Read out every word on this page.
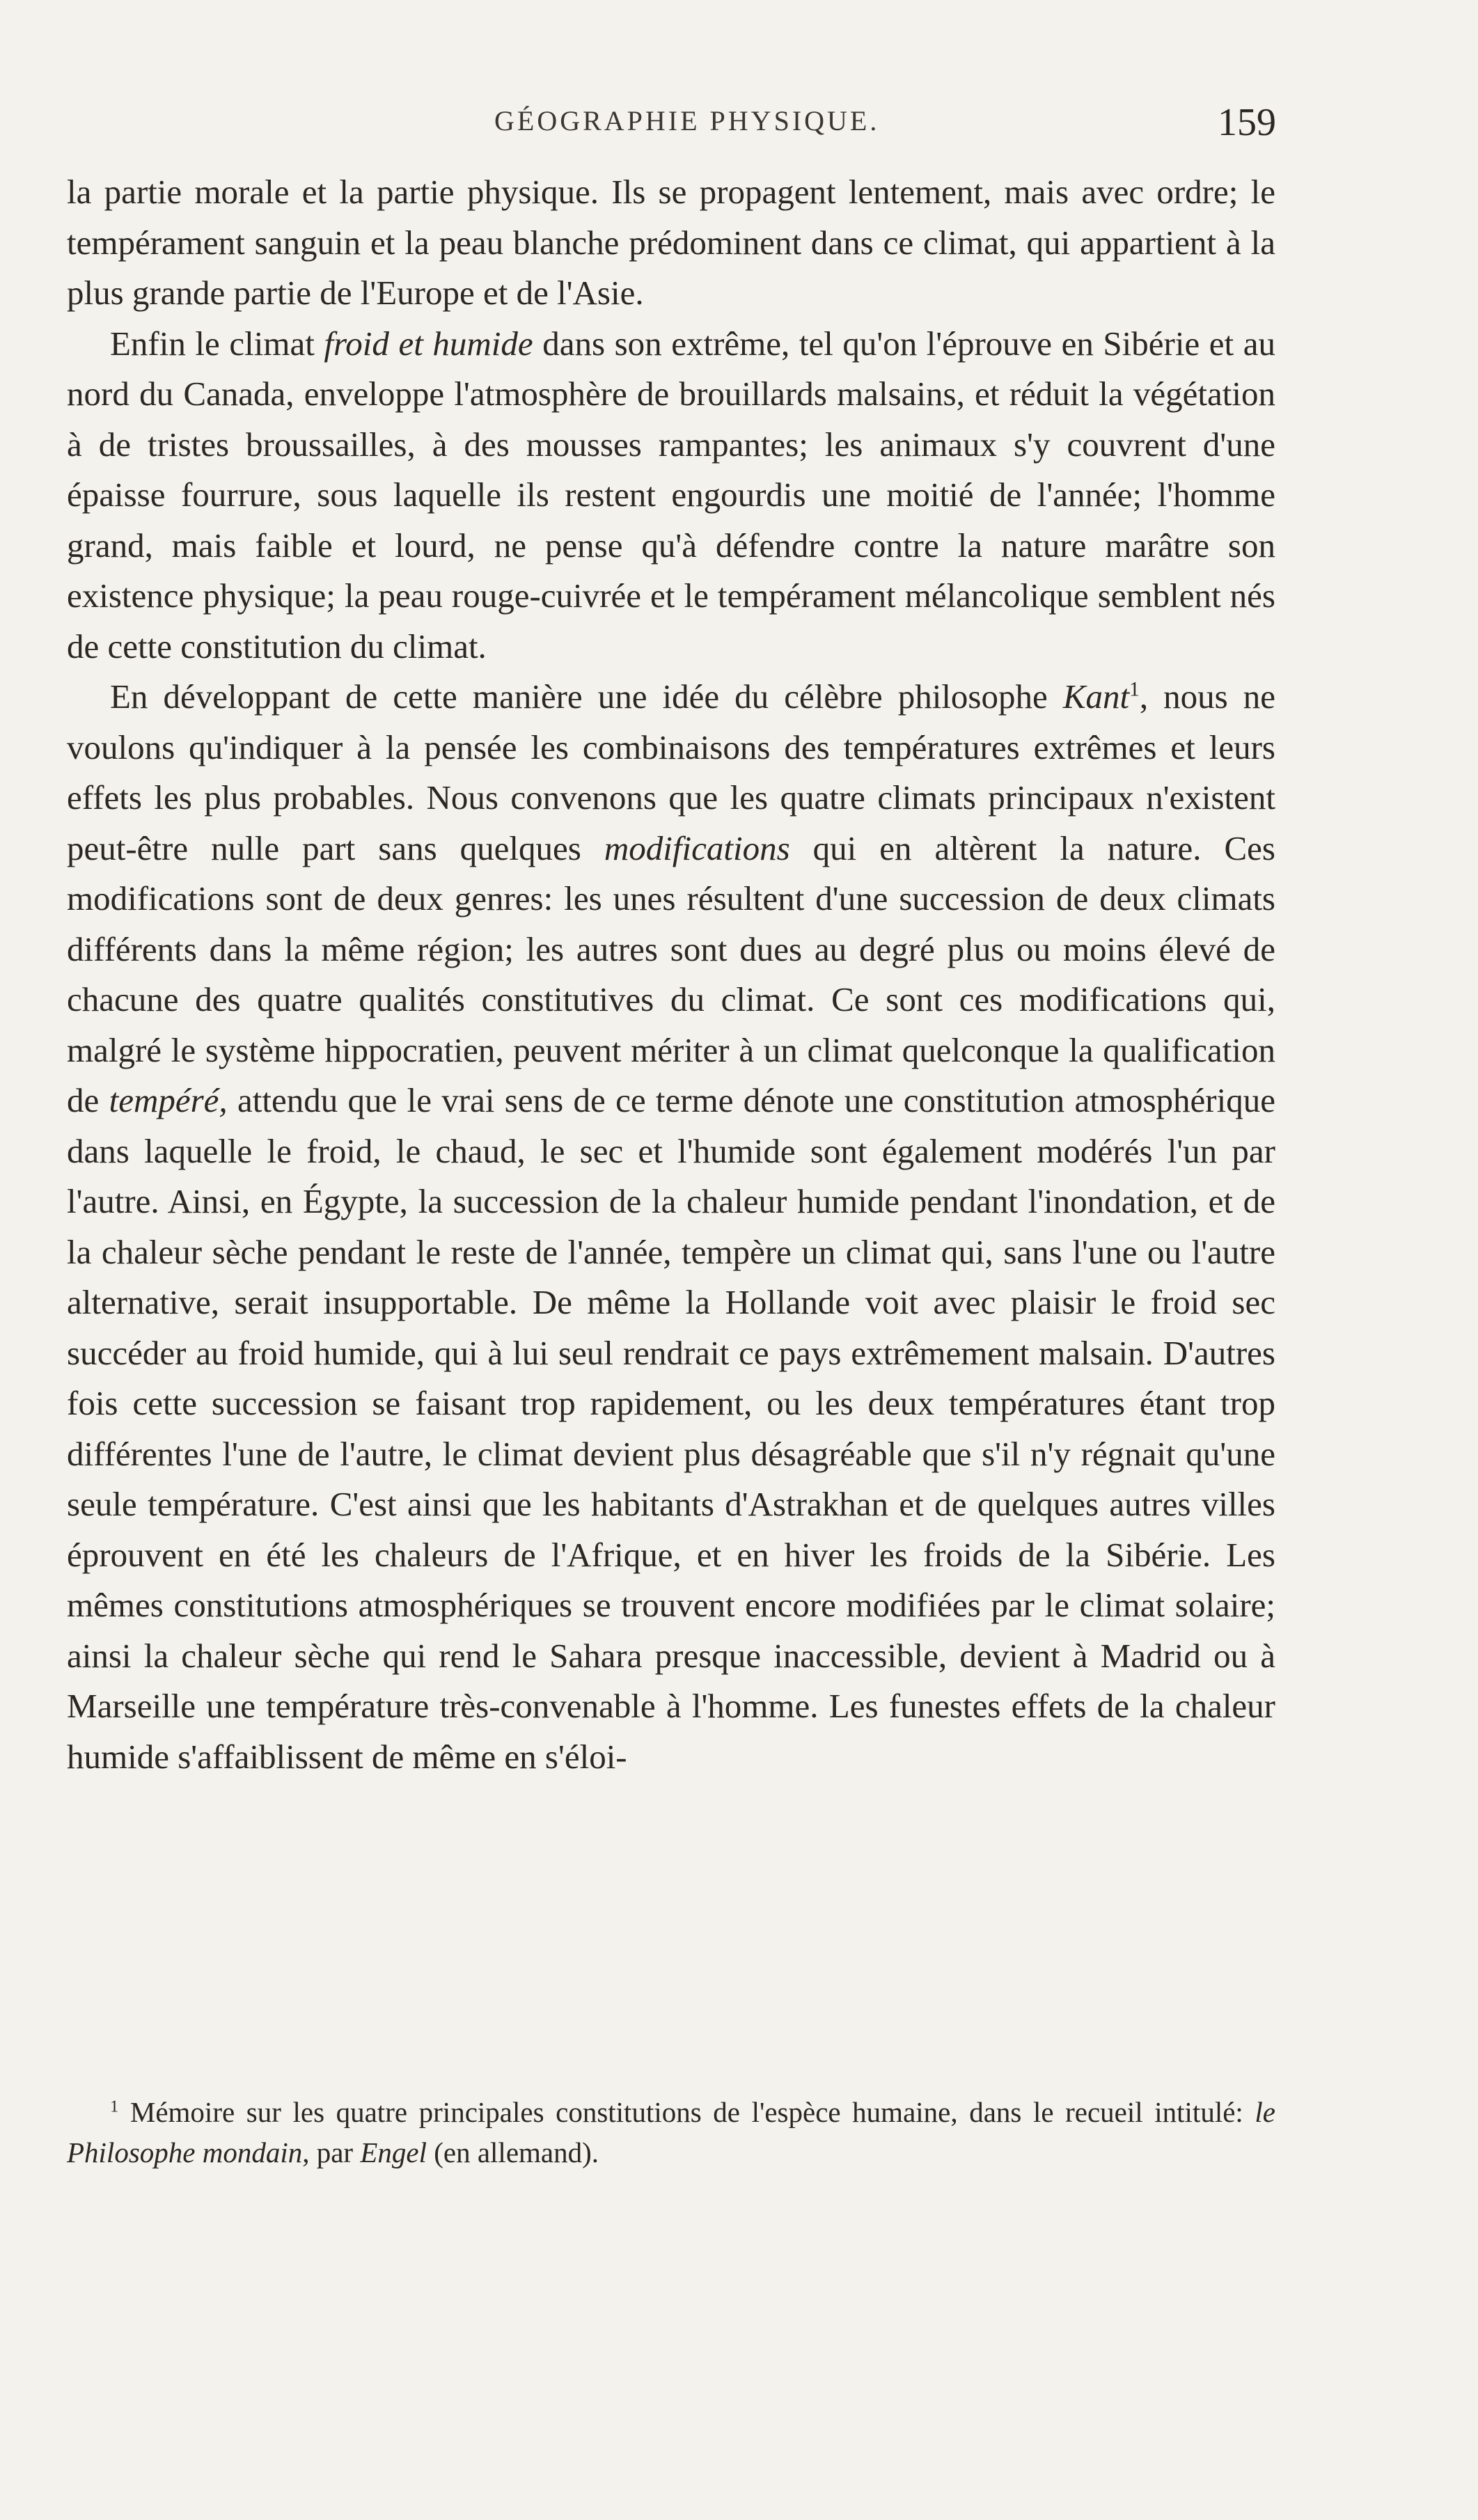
GÉOGRAPHIE PHYSIQUE.	159

la partie morale et la partie physique. Ils se propagent lentement, mais avec ordre; le tempérament sanguin et la peau blanche prédominent dans ce climat, qui appartient à la plus grande partie de l'Europe et de l'Asie.

Enfin le climat froid et humide dans son extrême, tel qu'on l'éprouve en Sibérie et au nord du Canada, enveloppe l'atmosphère de brouillards malsains, et réduit la végétation à de tristes broussailles, à des mousses rampantes; les animaux s'y couvrent d'une épaisse fourrure, sous laquelle ils restent engourdis une moitié de l'année; l'homme grand, mais faible et lourd, ne pense qu'à défendre contre la nature marâtre son existence physique; la peau rouge-cuivrée et le tempérament mélancolique semblent nés de cette constitution du climat.

En développant de cette manière une idée du célèbre philosophe Kant$^1$, nous ne voulons qu'indiquer à la pensée les combinaisons des températures extrêmes et leurs effets les plus probables. Nous convenons que les quatre climats principaux n'existent peut-être nulle part sans quelques modifications qui en altèrent la nature. Ces modifications sont de deux genres: les unes résultent d'une succession de deux climats différents dans la même région; les autres sont dues au degré plus ou moins élevé de chacune des quatre qualités constitutives du climat. Ce sont ces modifications qui, malgré le système hippocratien, peuvent mériter à un climat quelconque la qualification de tempéré, attendu que le vrai sens de ce terme dénote une constitution atmosphérique dans laquelle le froid, le chaud, le sec et l'humide sont également modérés l'un par l'autre. Ainsi, en Égypte, la succession de la chaleur humide pendant l'inondation, et de la chaleur sèche pendant le reste de l'année, tempère un climat qui, sans l'une ou l'autre alternative, serait insupportable. De même la Hollande voit avec plaisir le froid sec succéder au froid humide, qui à lui seul rendrait ce pays extrêmement malsain. D'autres fois cette succession se faisant trop rapidement, ou les deux températures étant trop différentes l'une de l'autre, le climat devient plus désagréable que s'il n'y régnait qu'une seule température. C'est ainsi que les habitants d'Astrakhan et de quelques autres villes éprouvent en été les chaleurs de l'Afrique, et en hiver les froids de la Sibérie. Les mêmes constitutions atmosphériques se trouvent encore modifiées par le climat solaire; ainsi la chaleur sèche qui rend le Sahara presque inaccessible, devient à Madrid ou à Marseille une température très-convenable à l'homme. Les funestes effets de la chaleur humide s'affaiblissent de même en s'éloi-

$^1$ Mémoire sur les quatre principales constitutions de l'espèce humaine, dans le recueil intitulé: le Philosophe mondain, par Engel (en allemand).
